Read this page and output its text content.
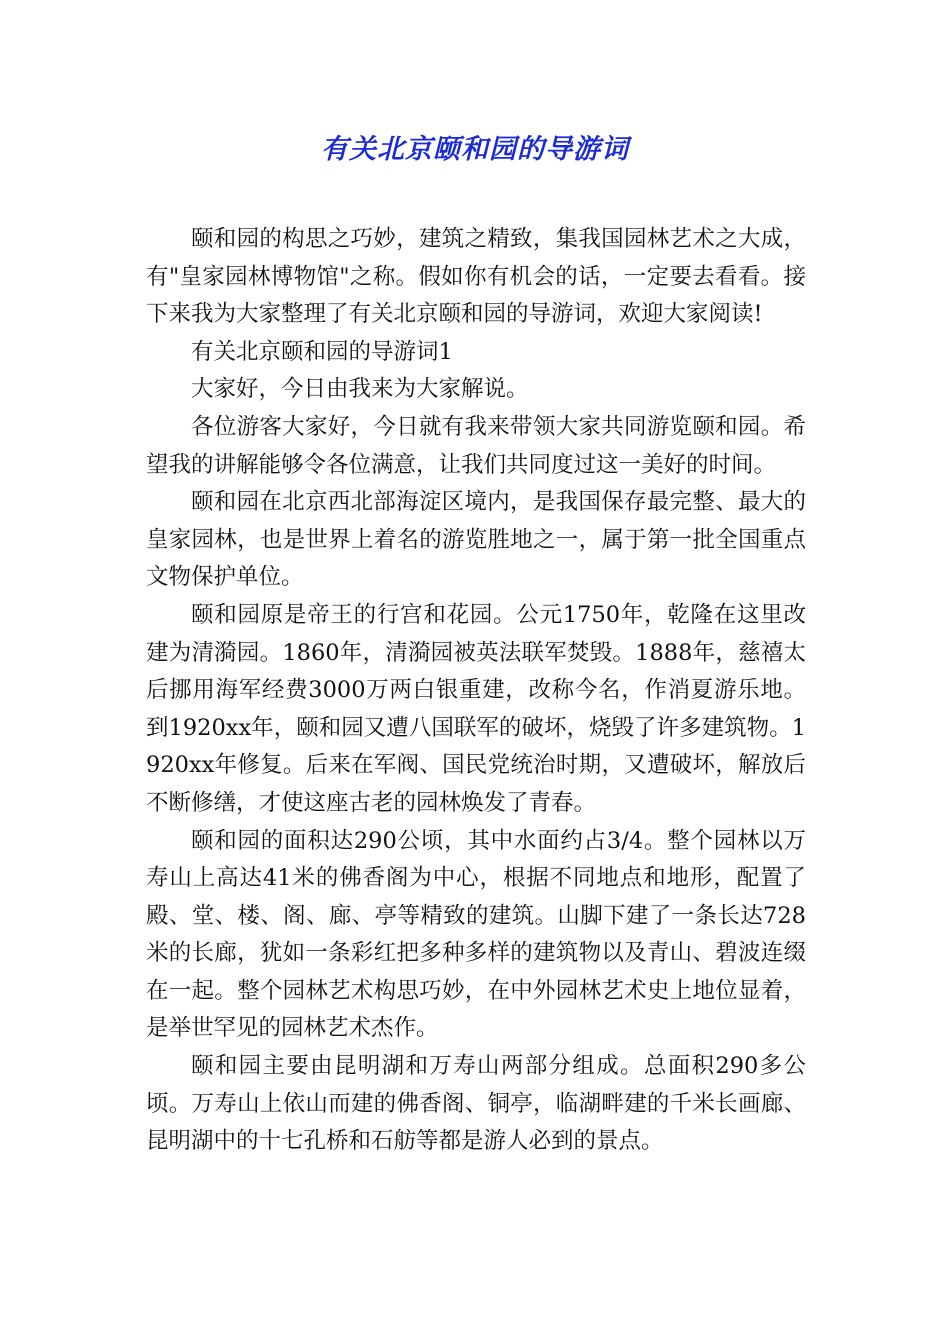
有关北京颐和园的导游词

颐和园的构思之巧妙，建筑之精致，集我国园林艺术之大成，有"皇家园林博物馆"之称。假如你有机会的话，一定要去看看。接下来我为大家整理了有关北京颐和园的导游词，欢迎大家阅读!

有关北京颐和园的导游词1

大家好，今日由我来为大家解说。

各位游客大家好，今日就有我来带领大家共同游览颐和园。希望我的讲解能够令各位满意，让我们共同度过这一美好的时间。

颐和园在北京西北部海淀区境内，是我国保存最完整、最大的皇家园林，也是世界上着名的游览胜地之一，属于第一批全国重点文物保护单位。

颐和园原是帝王的行宫和花园。公元1750年，乾隆在这里改建为清漪园。1860年，清漪园被英法联军焚毁。1888年，慈禧太后挪用海军经费3000万两白银重建，改称今名，作消夏游乐地。到1920xx年，颐和园又遭八国联军的破坏，烧毁了许多建筑物。1920xx年修复。后来在军阀、国民党统治时期，又遭破坏，解放后不断修缮，才使这座古老的园林焕发了青春。

颐和园的面积达290公顷，其中水面约占3/4。整个园林以万寿山上高达41米的佛香阁为中心，根据不同地点和地形，配置了殿、堂、楼、阁、廊、亭等精致的建筑。山脚下建了一条长达728米的长廊，犹如一条彩红把多种多样的建筑物以及青山、碧波连缀在一起。整个园林艺术构思巧妙，在中外园林艺术史上地位显着，是举世罕见的园林艺术杰作。

颐和园主要由昆明湖和万寿山两部分组成。总面积290多公顷。万寿山上依山而建的佛香阁、铜亭，临湖畔建的千米长画廊、昆明湖中的十七孔桥和石舫等都是游人必到的景点。
